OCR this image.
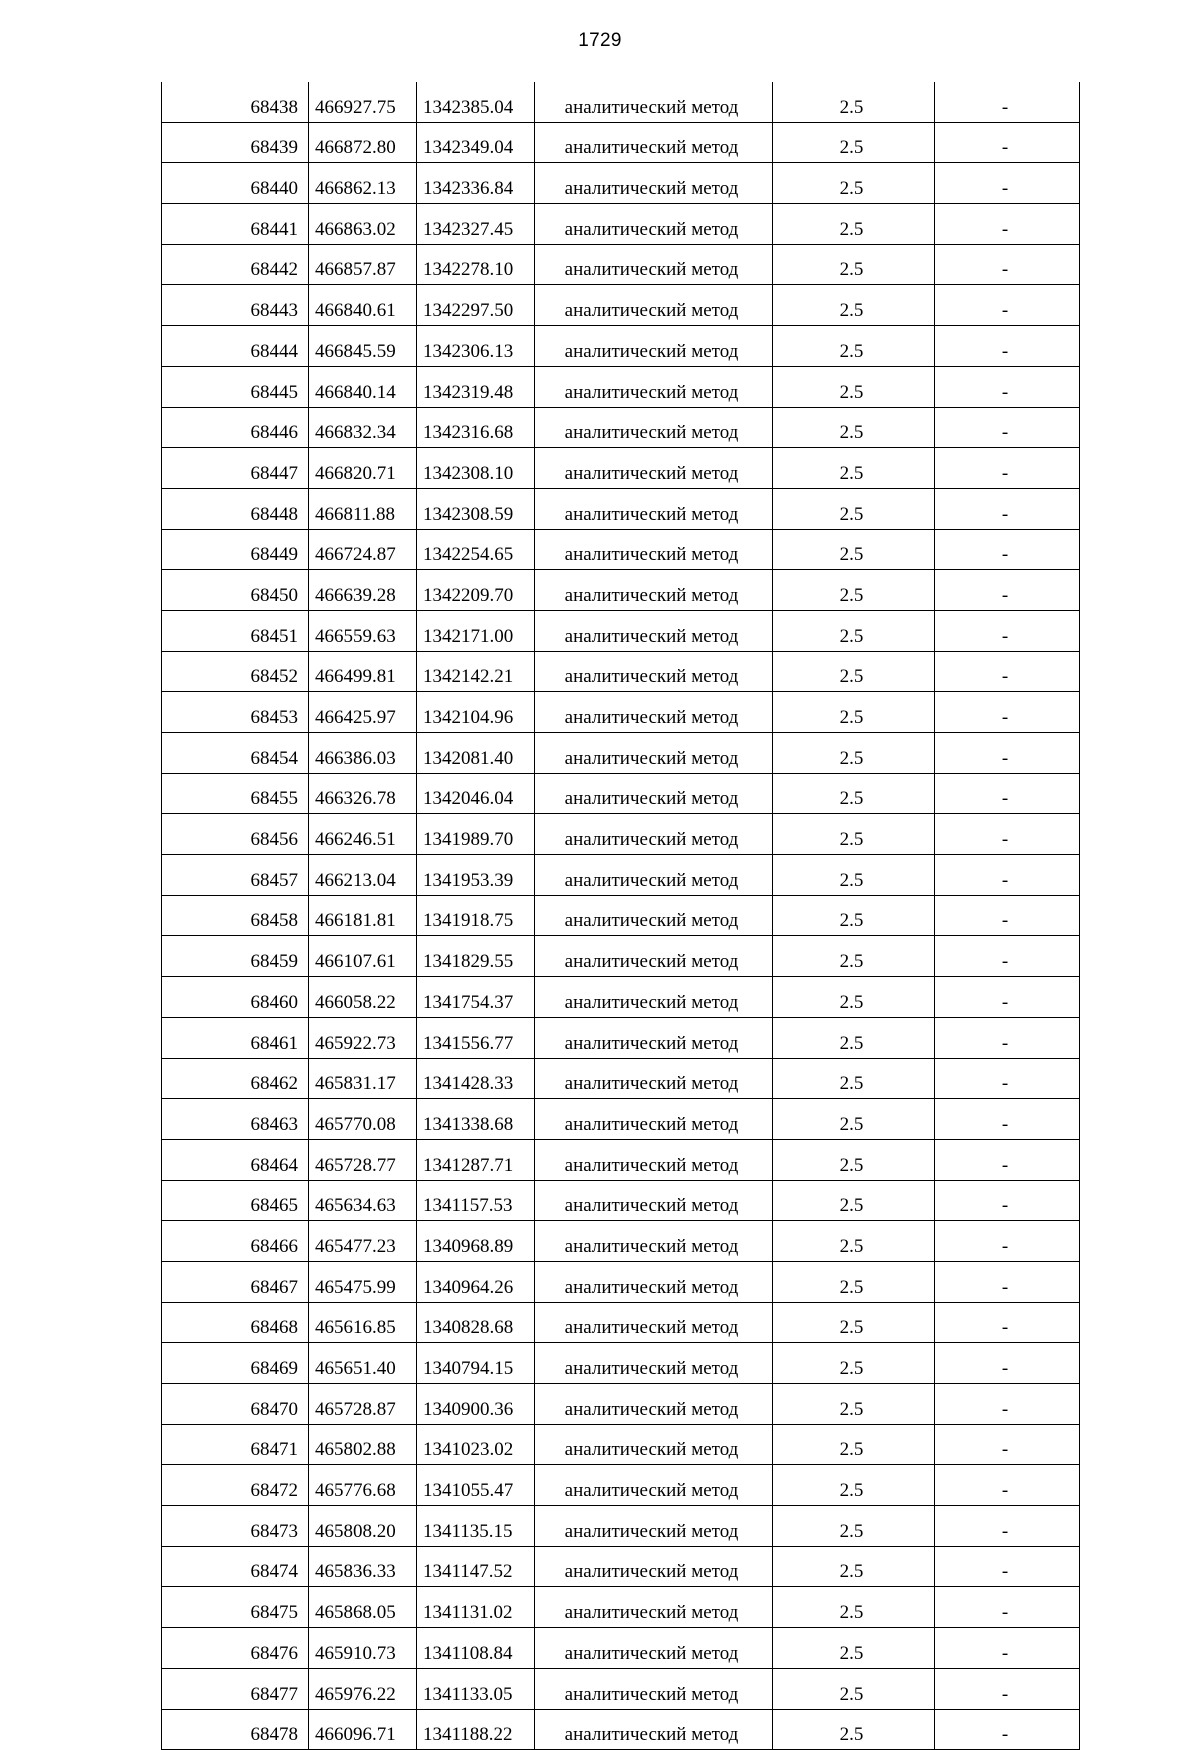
1729
68438	466927.75	1342385.04	аналитический метод	2.5	-
68439	466872.80	1342349.04	аналитический метод	2.5	-
68440	466862.13	1342336.84	аналитический метод	2.5	-
68441	466863.02	1342327.45	аналитический метод	2.5	-
68442	466857.87	1342278.10	аналитический метод	2.5	-
68443	466840.61	1342297.50	аналитический метод	2.5	-
68444	466845.59	1342306.13	аналитический метод	2.5	-
68445	466840.14	1342319.48	аналитический метод	2.5	-
68446	466832.34	1342316.68	аналитический метод	2.5	-
68447	466820.71	1342308.10	аналитический метод	2.5	-
68448	466811.88	1342308.59	аналитический метод	2.5	-
68449	466724.87	1342254.65	аналитический метод	2.5	-
68450	466639.28	1342209.70	аналитический метод	2.5	-
68451	466559.63	1342171.00	аналитический метод	2.5	-
68452	466499.81	1342142.21	аналитический метод	2.5	-
68453	466425.97	1342104.96	аналитический метод	2.5	-
68454	466386.03	1342081.40	аналитический метод	2.5	-
68455	466326.78	1342046.04	аналитический метод	2.5	-
68456	466246.51	1341989.70	аналитический метод	2.5	-
68457	466213.04	1341953.39	аналитический метод	2.5	-
68458	466181.81	1341918.75	аналитический метод	2.5	-
68459	466107.61	1341829.55	аналитический метод	2.5	-
68460	466058.22	1341754.37	аналитический метод	2.5	-
68461	465922.73	1341556.77	аналитический метод	2.5	-
68462	465831.17	1341428.33	аналитический метод	2.5	-
68463	465770.08	1341338.68	аналитический метод	2.5	-
68464	465728.77	1341287.71	аналитический метод	2.5	-
68465	465634.63	1341157.53	аналитический метод	2.5	-
68466	465477.23	1340968.89	аналитический метод	2.5	-
68467	465475.99	1340964.26	аналитический метод	2.5	-
68468	465616.85	1340828.68	аналитический метод	2.5	-
68469	465651.40	1340794.15	аналитический метод	2.5	-
68470	465728.87	1340900.36	аналитический метод	2.5	-
68471	465802.88	1341023.02	аналитический метод	2.5	-
68472	465776.68	1341055.47	аналитический метод	2.5	-
68473	465808.20	1341135.15	аналитический метод	2.5	-
68474	465836.33	1341147.52	аналитический метод	2.5	-
68475	465868.05	1341131.02	аналитический метод	2.5	-
68476	465910.73	1341108.84	аналитический метод	2.5	-
68477	465976.22	1341133.05	аналитический метод	2.5	-
68478	466096.71	1341188.22	аналитический метод	2.5	-
